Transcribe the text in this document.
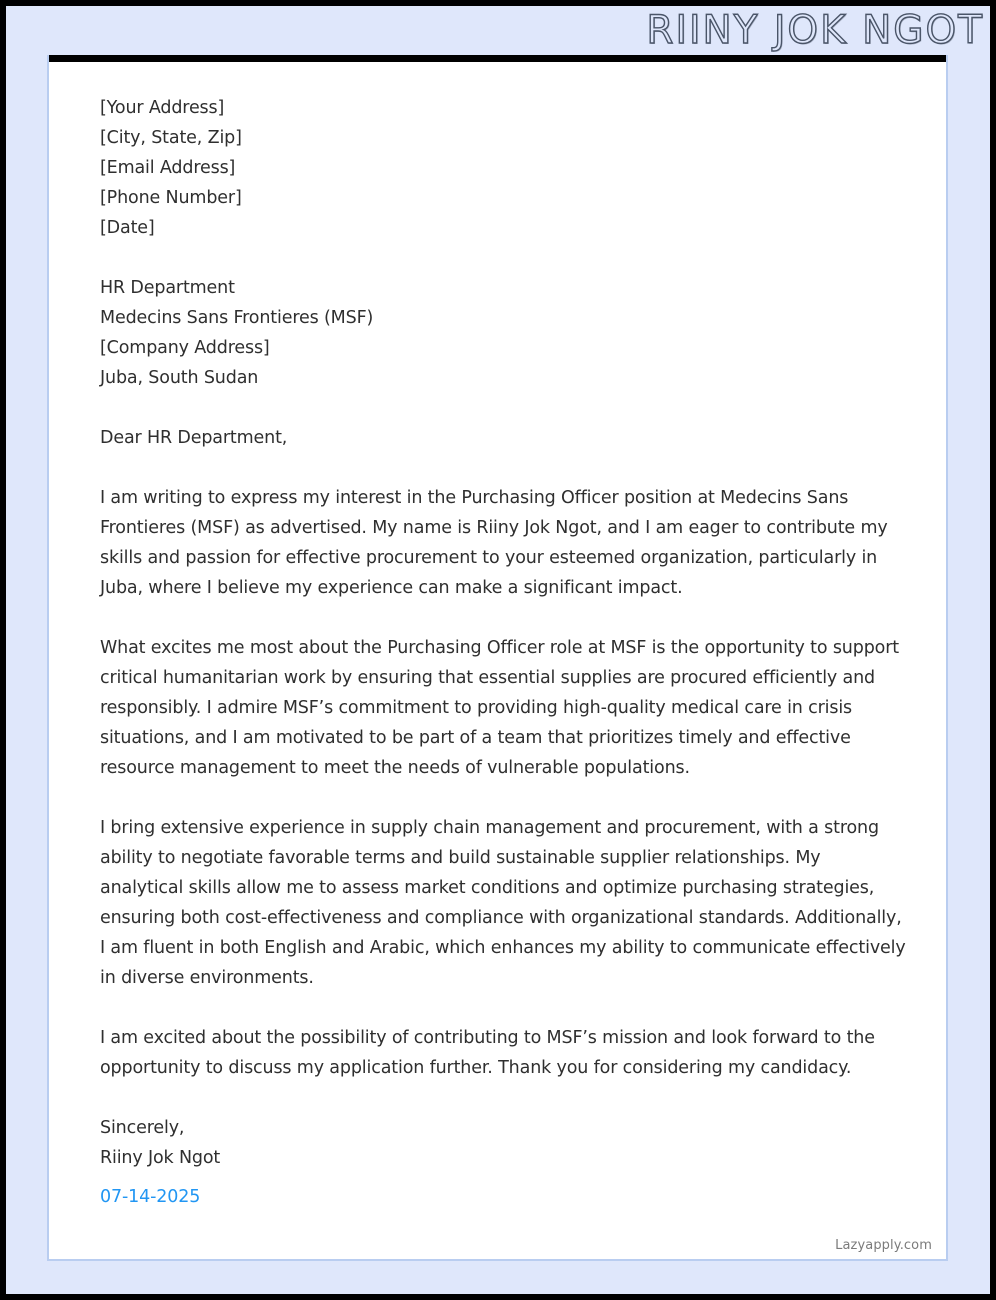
RIINY JOK NGOT
[Your Address]
[City, State, Zip]
[Email Address]
[Phone Number]
[Date]
HR Department
Medecins Sans Frontieres (MSF)
[Company Address]
Juba, South Sudan
Dear HR Department,

I am writing to express my interest in the Purchasing Officer position at Medecins Sans Frontieres (MSF) as advertised. My name is Riiny Jok Ngot, and I am eager to contribute my skills and passion for effective procurement to your esteemed organization, particularly in Juba, where I believe my experience can make a significant impact.

What excites me most about the Purchasing Officer role at MSF is the opportunity to support critical humanitarian work by ensuring that essential supplies are procured efficiently and responsibly. I admire MSF’s commitment to providing high-quality medical care in crisis situations, and I am motivated to be part of a team that prioritizes timely and effective resource management to meet the needs of vulnerable populations.

I bring extensive experience in supply chain management and procurement, with a strong ability to negotiate favorable terms and build sustainable supplier relationships. My analytical skills allow me to assess market conditions and optimize purchasing strategies, ensuring both cost-effectiveness and compliance with organizational standards. Additionally, I am fluent in both English and Arabic, which enhances my ability to communicate effectively in diverse environments.

I am excited about the possibility of contributing to MSF’s mission and look forward to the opportunity to discuss my application further. Thank you for considering my candidacy.

Sincerely,
Riiny Jok Ngot
07-14-2025
Lazyapply.com
